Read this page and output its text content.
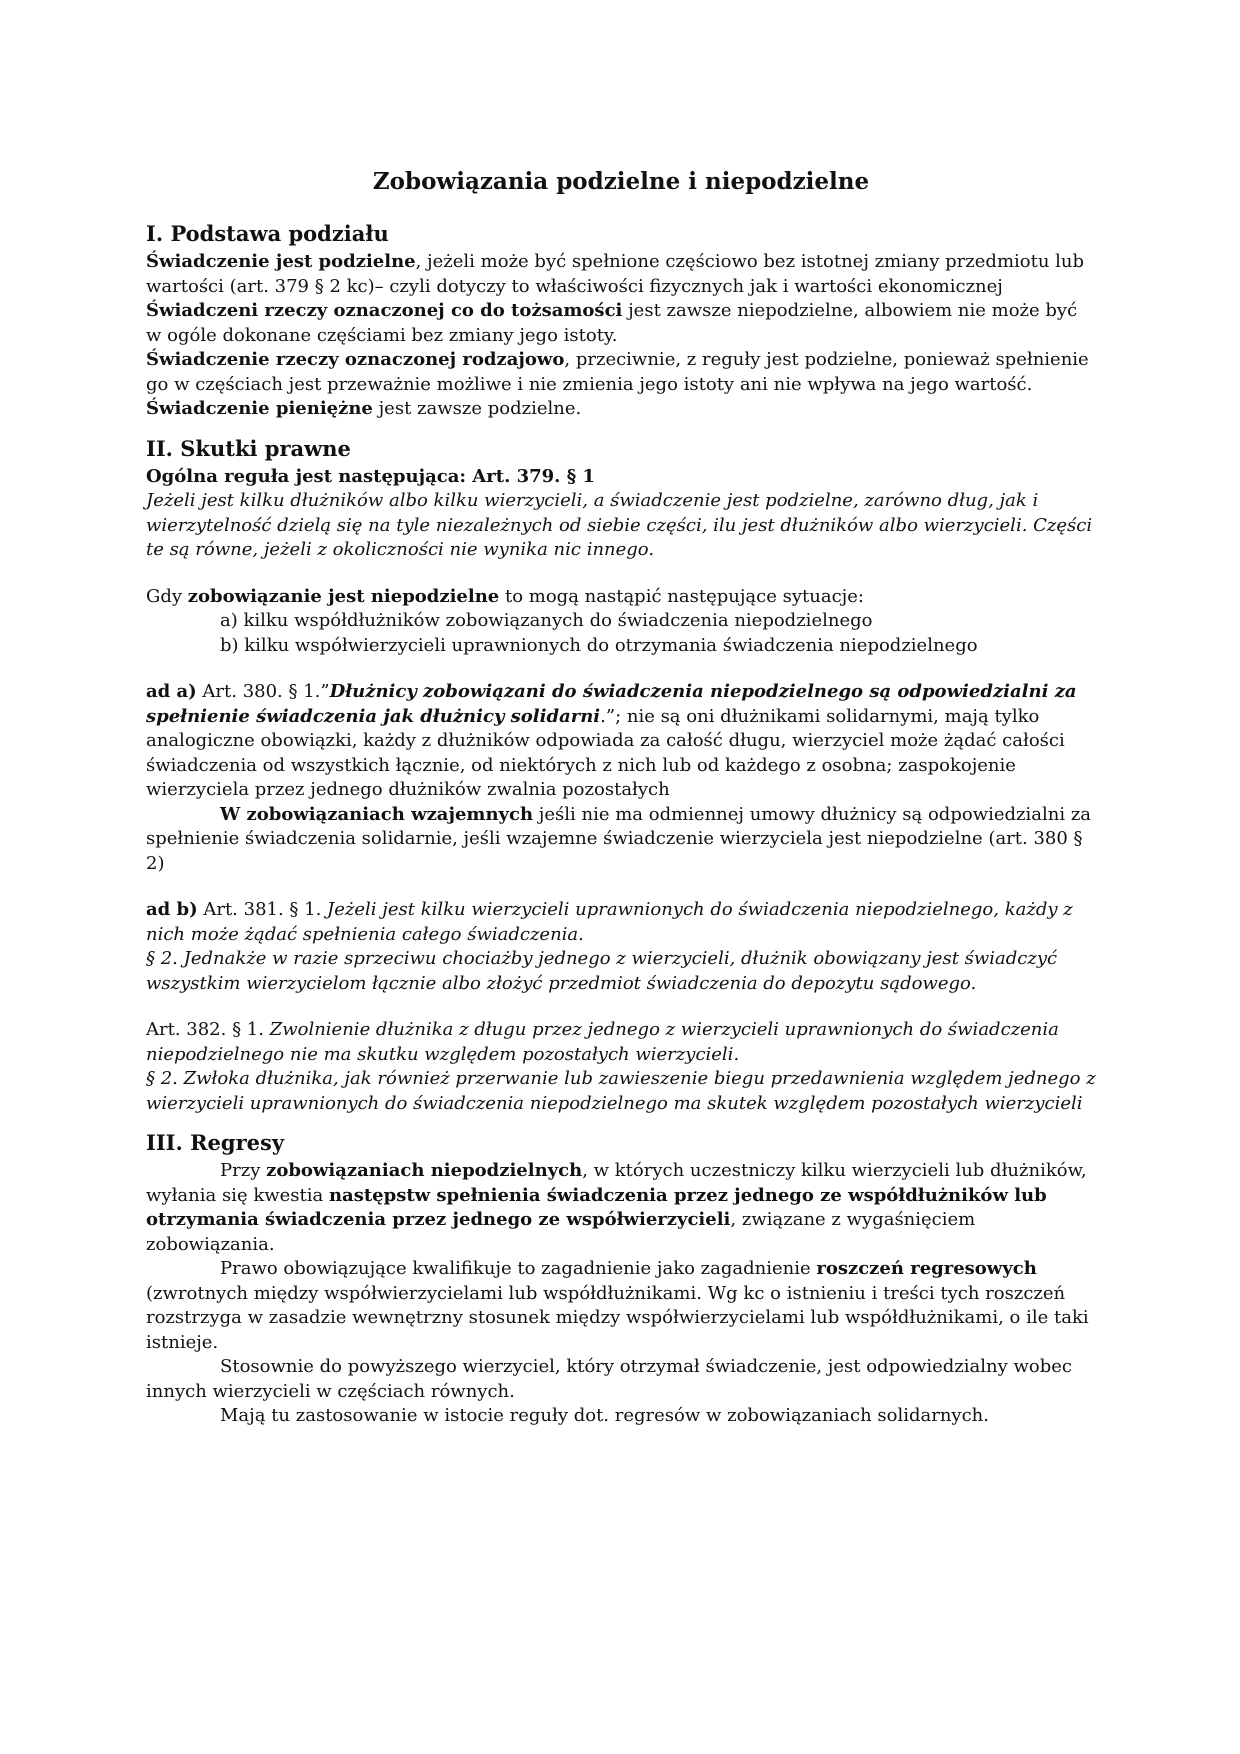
Zobowiązania podzielne i niepodzielne
I. Podstawa podziału

Świadczenie jest podzielne, jeżeli może być spełnione częściowo bez istotnej zmiany przedmiotu lub wartości (art. 379 § 2 kc)– czyli dotyczy to właściwości fizycznych jak i wartości ekonomicznej

Świadczeni rzeczy oznaczonej co do tożsamości jest zawsze niepodzielne, albowiem nie może być w ogóle dokonane częściami bez zmiany jego istoty.

Świadczenie rzeczy oznaczonej rodzajowo, przeciwnie, z reguły jest podzielne, ponieważ spełnienie go w częściach jest przeważnie możliwe i nie zmienia jego istoty ani nie wpływa na jego wartość.

Świadczenie pieniężne jest zawsze podzielne.

II. Skutki prawne

Ogólna reguła jest następująca: Art. 379. § 1

Jeżeli jest kilku dłużników albo kilku wierzycieli, a świadczenie jest podzielne, zarówno dług, jak i wierzytelność dzielą się na tyle niezależnych od siebie części, ilu jest dłużników albo wierzycieli. Części te są równe, jeżeli z okoliczności nie wynika nic innego.

Gdy zobowiązanie jest niepodzielne to mogą nastąpić następujące sytuacje:

a) kilku współdłużników zobowiązanych do świadczenia niepodzielnego

b) kilku współwierzycieli uprawnionych do otrzymania świadczenia niepodzielnego

ad a) Art. 380. § 1.”Dłużnicy zobowiązani do świadczenia niepodzielnego są odpowiedzialni za spełnienie świadczenia jak dłużnicy solidarni.”; nie są oni dłużnikami solidarnymi, mają tylko analogiczne obowiązki, każdy z dłużników odpowiada za całość długu, wierzyciel może żądać całości świadczenia od wszystkich łącznie, od niektórych z nich lub od każdego z osobna; zaspokojenie wierzyciela przez jednego dłużników zwalnia pozostałych

W zobowiązaniach wzajemnych jeśli nie ma odmiennej umowy dłużnicy są odpowiedzialni za spełnienie świadczenia solidarnie, jeśli wzajemne świadczenie wierzyciela jest niepodzielne (art. 380 § 2)

ad b) Art. 381. § 1. Jeżeli jest kilku wierzycieli uprawnionych do świadczenia niepodzielnego, każdy z nich może żądać spełnienia całego świadczenia.

§ 2. Jednakże w razie sprzeciwu chociażby jednego z wierzycieli, dłużnik obowiązany jest świadczyć wszystkim wierzycielom łącznie albo złożyć przedmiot świadczenia do depozytu sądowego.

Art. 382. § 1. Zwolnienie dłużnika z długu przez jednego z wierzycieli uprawnionych do świadczenia niepodzielnego nie ma skutku względem pozostałych wierzycieli.

§ 2. Zwłoka dłużnika, jak również przerwanie lub zawieszenie biegu przedawnienia względem jednego z wierzycieli uprawnionych do świadczenia niepodzielnego ma skutek względem pozostałych wierzycieli

III. Regresy

Przy zobowiązaniach niepodzielnych, w których uczestniczy kilku wierzycieli lub dłużników, wyłania się kwestia następstw spełnienia świadczenia przez jednego ze współdłużników lub otrzymania świadczenia przez jednego ze współwierzycieli, związane z wygaśnięciem zobowiązania.

Prawo obowiązujące kwalifikuje to zagadnienie jako zagadnienie roszczeń regresowych (zwrotnych między współwierzycielami lub współdłużnikami. Wg kc o istnieniu i treści tych roszczeń rozstrzyga w zasadzie wewnętrzny stosunek między współwierzycielami lub współdłużnikami, o ile taki istnieje.

Stosownie do powyższego wierzyciel, który otrzymał świadczenie, jest odpowiedzialny wobec innych wierzycieli w częściach równych.

Mają tu zastosowanie w istocie reguły dot. regresów w zobowiązaniach solidarnych.
